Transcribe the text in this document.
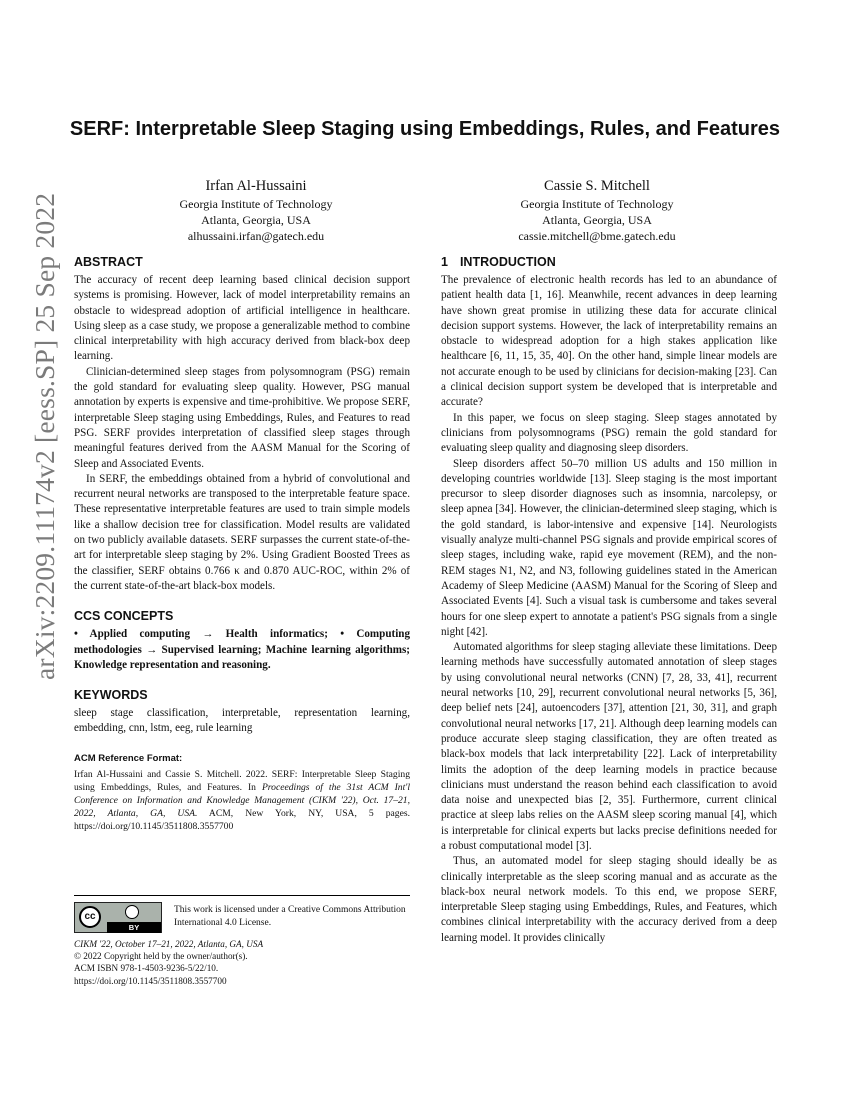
arXiv:2209.11174v2 [eess.SP] 25 Sep 2022
SERF: Interpretable Sleep Staging using Embeddings, Rules, and Features
Irfan Al-Hussaini
Georgia Institute of Technology
Atlanta, Georgia, USA
alhussaini.irfan@gatech.edu
Cassie S. Mitchell
Georgia Institute of Technology
Atlanta, Georgia, USA
cassie.mitchell@bme.gatech.edu
ABSTRACT

The accuracy of recent deep learning based clinical decision support systems is promising. However, lack of model interpretability remains an obstacle to widespread adoption of artificial intelligence in healthcare. Using sleep as a case study, we propose a generalizable method to combine clinical interpretability with high accuracy derived from black-box deep learning.

Clinician-determined sleep stages from polysomnogram (PSG) remain the gold standard for evaluating sleep quality. However, PSG manual annotation by experts is expensive and time-prohibitive. We propose SERF, interpretable Sleep staging using Embeddings, Rules, and Features to read PSG. SERF provides interpretation of classified sleep stages through meaningful features derived from the AASM Manual for the Scoring of Sleep and Associated Events.

In SERF, the embeddings obtained from a hybrid of convolutional and recurrent neural networks are transposed to the interpretable feature space. These representative interpretable features are used to train simple models like a shallow decision tree for classification. Model results are validated on two publicly available datasets. SERF surpasses the current state-of-the-art for interpretable sleep staging by 2%. Using Gradient Boosted Trees as the classifier, SERF obtains 0.766 κ and 0.870 AUC-ROC, within 2% of the current state-of-the-art black-box models.

CCS CONCEPTS

• Applied computing → Health informatics; • Computing methodologies → Supervised learning; Machine learning algorithms; Knowledge representation and reasoning.

KEYWORDS

sleep stage classification, interpretable, representation learning, embedding, cnn, lstm, eeg, rule learning

ACM Reference Format:

Irfan Al-Hussaini and Cassie S. Mitchell. 2022. SERF: Interpretable Sleep Staging using Embeddings, Rules, and Features. In Proceedings of the 31st ACM Int'l Conference on Information and Knowledge Management (CIKM '22), Oct. 17–21, 2022, Atlanta, GA, USA. ACM, New York, NY, USA, 5 pages. https://doi.org/10.1145/3511808.3557700

cc
BY
This work is licensed under a Creative Commons Attribution International 4.0 License.
CIKM '22, October 17–21, 2022, Atlanta, GA, USA
© 2022 Copyright held by the owner/author(s).
ACM ISBN 978-1-4503-9236-5/22/10.
https://doi.org/10.1145/3511808.3557700
1 INTRODUCTION

The prevalence of electronic health records has led to an abundance of patient health data [1, 16]. Meanwhile, recent advances in deep learning have shown great promise in utilizing these data for accurate clinical decision support systems. However, the lack of interpretability remains an obstacle to widespread adoption for a high stakes application like healthcare [6, 11, 15, 35, 40]. On the other hand, simple linear models are not accurate enough to be used by clinicians for decision-making [23]. Can a clinical decision support system be developed that is interpretable and accurate?

In this paper, we focus on sleep staging. Sleep stages annotated by clinicians from polysomnograms (PSG) remain the gold standard for evaluating sleep quality and diagnosing sleep disorders.

Sleep disorders affect 50–70 million US adults and 150 million in developing countries worldwide [13]. Sleep staging is the most important precursor to sleep disorder diagnoses such as insomnia, narcolepsy, or sleep apnea [34]. However, the clinician-determined sleep staging, which is the gold standard, is labor-intensive and expensive [14]. Neurologists visually analyze multi-channel PSG signals and provide empirical scores of sleep stages, including wake, rapid eye movement (REM), and the non-REM stages N1, N2, and N3, following guidelines stated in the American Academy of Sleep Medicine (AASM) Manual for the Scoring of Sleep and Associated Events [4]. Such a visual task is cumbersome and takes several hours for one sleep expert to annotate a patient's PSG signals from a single night [42].

Automated algorithms for sleep staging alleviate these limitations. Deep learning methods have successfully automated annotation of sleep stages by using convolutional neural networks (CNN) [7, 28, 33, 41], recurrent neural networks [10, 29], recurrent convolutional neural networks [5, 36], deep belief nets [24], autoencoders [37], attention [21, 30, 31], and graph convolutional neural networks [17, 21]. Although deep learning models can produce accurate sleep staging classification, they are often treated as black-box models that lack interpretability [22]. Lack of interpretability limits the adoption of the deep learning models in practice because clinicians must understand the reason behind each classification to avoid data noise and unexpected bias [2, 35]. Furthermore, current clinical practice at sleep labs relies on the AASM sleep scoring manual [4], which is interpretable for clinical experts but lacks precise definitions needed for a robust computational model [3].

Thus, an automated model for sleep staging should ideally be as clinically interpretable as the sleep scoring manual and as accurate as the black-box neural network models. To this end, we propose SERF, interpretable Sleep staging using Embeddings, Rules, and Features, which combines clinical interpretability with the accuracy derived from a deep learning model. It provides clinically
